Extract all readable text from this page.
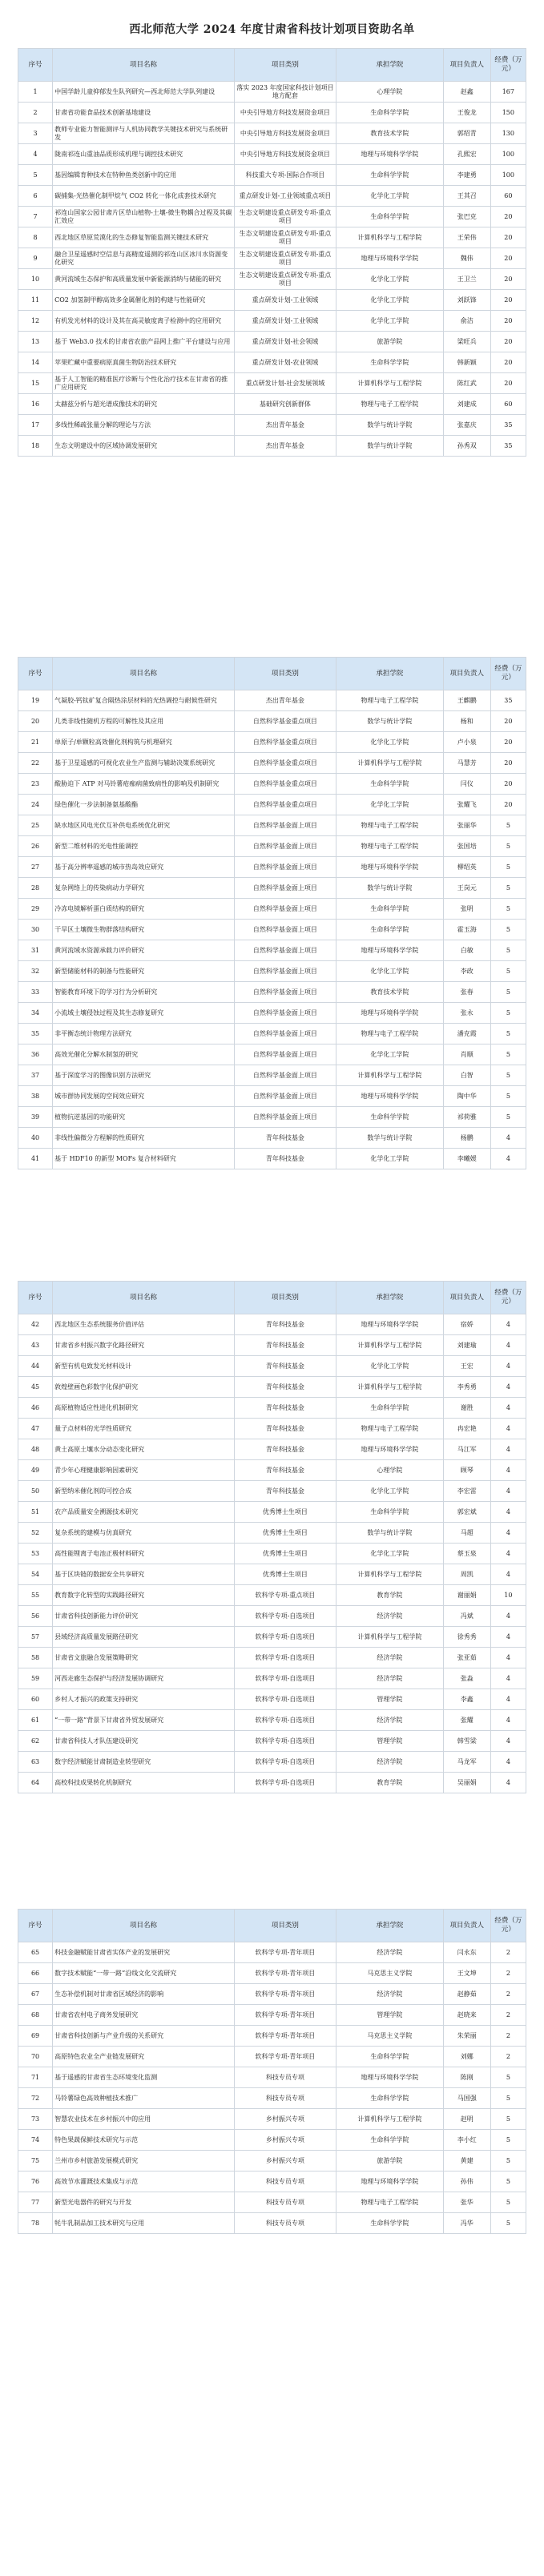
西北师范大学 2024 年度甘肃省科技计划项目资助名单
序号	项目名称	项目类别	承担学院	项目负责人	经费（万元）
1	中国学龄儿童抑郁发生队列研究—西北师范大学队列建设	落实 2023 年度国家科技计划项目地方配套	心理学院	赵鑫	167
2	甘肃省功能食品技术创新基地建设	中央引导地方科技发展资金项目	生命科学学院	王俊龙	150
3	教师专业能力智能测评与人机协同教学关键技术研究与系统研发	中央引导地方科技发展资金项目	教育技术学院	郭绍青	130
4	陇南祁连山重油品质形成机理与调控技术研究	中央引导地方科技发展资金项目	地理与环境科学学院	孔熙宏	100
5	基因编辑育种技术在特种鱼类创新中的应用	科技重大专项-国际合作项目	生命科学学院	李建勇	100
6	碳捕集-光热催化制甲烷气 CO2 转化一体化成套技术研究	重点研发计划-工业领域重点项目	化学化工学院	王其召	60
7	祁连山国家公园甘肃片区草山植物-土壤-微生物耦合过程及其碳汇效应	生态文明建设重点研发专项-重点项目	生命科学学院	张巴克	20
8	西北地区草原荒漠化的生态修复智能监测关键技术研究	生态文明建设重点研发专项-重点项目	计算机科学与工程学院	王荣伟	20
9	融合卫星遥感时空信息与高精度遥测的祁连山区冰川水资源变化研究	生态文明建设重点研发专项-重点项目	地理与环境科学学院	魏伟	20
10	黄河流域生态保护和高质量发展中新能源消纳与储能的研究	生态文明建设重点研发专项-重点项目	化学化工学院	王卫兰	20
11	CO2 加氢制甲醇高效多金属催化剂的构建与性能研究	重点研发计划-工业领域	化学化工学院	刘跃锋	20
12	有机发光材料的设计及其在高灵敏度离子检测中的应用研究	重点研发计划-工业领域	化学化工学院	俞洁	20
13	基于 Web3.0 技术的甘肃省农旅产品网上推广平台建设与应用	重点研发计划-社会领域	旅游学院	梁旺兵	20
14	苹果贮藏中重要病原真菌生物防治技术研究	重点研发计划-农业领域	生命科学学院	韩新颖	20
15	基于人工智能的精准医疗诊断与个性化治疗技术在甘肃省的推广应用研究	重点研发计划-社会发展领域	计算机科学与工程学院	陈红武	20
16	太赫兹分析与超光谱成像技术的研究	基础研究创新群体	物理与电子工程学院	刘建成	60
17	多线性稀疏张量分解的理论与方法	杰出青年基金	数学与统计学院	张嘉庆	35
18	生态文明建设中的区域协调发展研究	杰出青年基金	数学与统计学院	孙秀双	35
序号	项目名称	项目类别	承担学院	项目负责人	经费（万元）
19	气凝胶-钙钛矿复合隔热涂层材料的光热调控与耐候性研究	杰出青年基金	物理与电子工程学院	王麒鹏	35
20	几类非线性随机方程的可解性及其应用	自然科学基金重点项目	数学与统计学院	杨和	20
21	单原子/单颗粒高效催化剂构筑与机理研究	自然科学基金重点项目	化学化工学院	卢小泉	20
22	基于卫星遥感的可视化农业生产监测与辅助决策系统研究	自然科学基金重点项目	计算机科学与工程学院	马慧芳	20
23	酸胁迫下 ATP 对马铃薯疮痂病菌致病性的影响及机制研究	自然科学基金重点项目	生命科学学院	闫仪	20
24	绿色催化一步法制备氨基酸酯	自然科学基金重点项目	化学化工学院	张耀飞	20
25	缺水地区风电光伏互补供电系统优化研究	自然科学基金面上项目	物理与电子工程学院	张丽华	5
26	新型二维材料的光电性能调控	自然科学基金面上项目	物理与电子工程学院	张国培	5
27	基于高分辨率遥感的城市热岛效应研究	自然科学基金面上项目	地理与环境科学学院	柳绍英	5
28	复杂网络上的传染病动力学研究	自然科学基金面上项目	数学与统计学院	王岗元	5
29	冷冻电镜解析蛋白质结构的研究	自然科学基金面上项目	生命科学学院	张明	5
30	干旱区土壤微生物群落结构研究	自然科学基金面上项目	生命科学学院	霍玉海	5
31	黄河流域水资源承载力评价研究	自然科学基金面上项目	地理与环境科学学院	白敏	5
32	新型储能材料的制备与性能研究	自然科学基金面上项目	化学化工学院	李政	5
33	智能教育环境下的学习行为分析研究	自然科学基金面上项目	教育技术学院	张春	5
34	小流域土壤侵蚀过程及其生态修复研究	自然科学基金面上项目	地理与环境科学学院	张永	5
35	非平衡态统计物理方法研究	自然科学基金面上项目	物理与电子工程学院	潘克霞	5
36	高效光催化分解水制氢的研究	自然科学基金面上项目	化学化工学院	肖顺	5
37	基于深度学习的图像识别方法研究	自然科学基金面上项目	计算机科学与工程学院	白智	5
38	城市群协同发展的空间效应研究	自然科学基金面上项目	地理与环境科学学院	陶中华	5
39	植物抗逆基因的功能研究	自然科学基金面上项目	生命科学学院	祁荷雅	5
40	非线性偏微分方程解的性质研究	青年科技基金	数学与统计学院	杨鹏	4
41	基于 HDF10 的新型 MOFs 复合材料研究	青年科技基金	化学化工学院	李曦媛	4
序号	项目名称	项目类别	承担学院	项目负责人	经费（万元）
42	西北地区生态系统服务价值评估	青年科技基金	地理与环境科学学院	宿娇	4
43	甘肃省乡村振兴数字化路径研究	青年科技基金	计算机科学与工程学院	刘建瑜	4
44	新型有机电致发光材料设计	青年科技基金	化学化工学院	王宏	4
45	敦煌壁画色彩数字化保护研究	青年科技基金	计算机科学与工程学院	李秀勇	4
46	高原植物适应性进化机制研究	青年科技基金	生命科学学院	谢胜	4
47	量子点材料的光学性质研究	青年科技基金	物理与电子工程学院	冉宏艳	4
48	黄土高原土壤水分动态变化研究	青年科技基金	地理与环境科学学院	马江军	4
49	青少年心理健康影响因素研究	青年科技基金	心理学院	顾琴	4
50	新型纳米催化剂的可控合成	青年科技基金	化学化工学院	李宏雷	4
51	农产品质量安全溯源技术研究	优秀博士生项目	生命科学学院	郭宏斌	4
52	复杂系统的建模与仿真研究	优秀博士生项目	数学与统计学院	马超	4
53	高性能锂离子电池正极材料研究	优秀博士生项目	化学化工学院	蔡玉泉	4
54	基于区块链的数据安全共享研究	优秀博士生项目	计算机科学与工程学院	周凯	4
55	教育数字化转型的实践路径研究	软科学专项-重点项目	教育学院	谢丽娟	10
56	甘肃省科技创新能力评价研究	软科学专项-自选项目	经济学院	冯斌	4
57	县域经济高质量发展路径研究	软科学专项-自选项目	计算机科学与工程学院	徐秀秀	4
58	甘肃省文旅融合发展策略研究	软科学专项-自选项目	经济学院	张亚茹	4
59	河西走廊生态保护与经济发展协调研究	软科学专项-自选项目	经济学院	张淼	4
60	乡村人才振兴的政策支持研究	软科学专项-自选项目	管理学院	李鑫	4
61	“一带一路”背景下甘肃省外贸发展研究	软科学专项-自选项目	经济学院	张耀	4
62	甘肃省科技人才队伍建设研究	软科学专项-自选项目	管理学院	韩雪梁	4
63	数字经济赋能甘肃制造业转型研究	软科学专项-自选项目	经济学院	马龙军	4
64	高校科技成果转化机制研究	软科学专项-自选项目	教育学院	吴丽娟	4
序号	项目名称	项目类别	承担学院	项目负责人	经费（万元）
65	科技金融赋能甘肃省实体产业的发展研究	软科学专项-青年项目	经济学院	闫永东	2
66	数字技术赋能“一带一路”沿线文化交流研究	软科学专项-青年项目	马克思主义学院	王文坤	2
67	生态补偿机制对甘肃省区域经济的影响	软科学专项-青年项目	经济学院	赵静茹	2
68	甘肃省农村电子商务发展研究	软科学专项-青年项目	管理学院	赵晓来	2
69	甘肃省科技创新与产业升级的关系研究	软科学专项-青年项目	马克思主义学院	朱荣丽	2
70	高原特色农业全产业链发展研究	软科学专项-青年项目	生命科学学院	刘娜	2
71	基于遥感的甘肃省生态环境变化监测	科技专员专项	地理与环境科学学院	陈刚	5
72	马铃薯绿色高效种植技术推广	科技专员专项	生命科学学院	马国强	5
73	智慧农业技术在乡村振兴中的应用	乡村振兴专项	计算机科学与工程学院	赵明	5
74	特色果蔬保鲜技术研究与示范	乡村振兴专项	生命科学学院	李小红	5
75	兰州市乡村旅游发展模式研究	乡村振兴专项	旅游学院	黄建	5
76	高效节水灌溉技术集成与示范	科技专员专项	地理与环境科学学院	孙伟	5
77	新型光电器件的研究与开发	科技专员专项	物理与电子工程学院	张华	5
78	牦牛乳制品加工技术研究与应用	科技专员专项	生命科学学院	冯华	5
